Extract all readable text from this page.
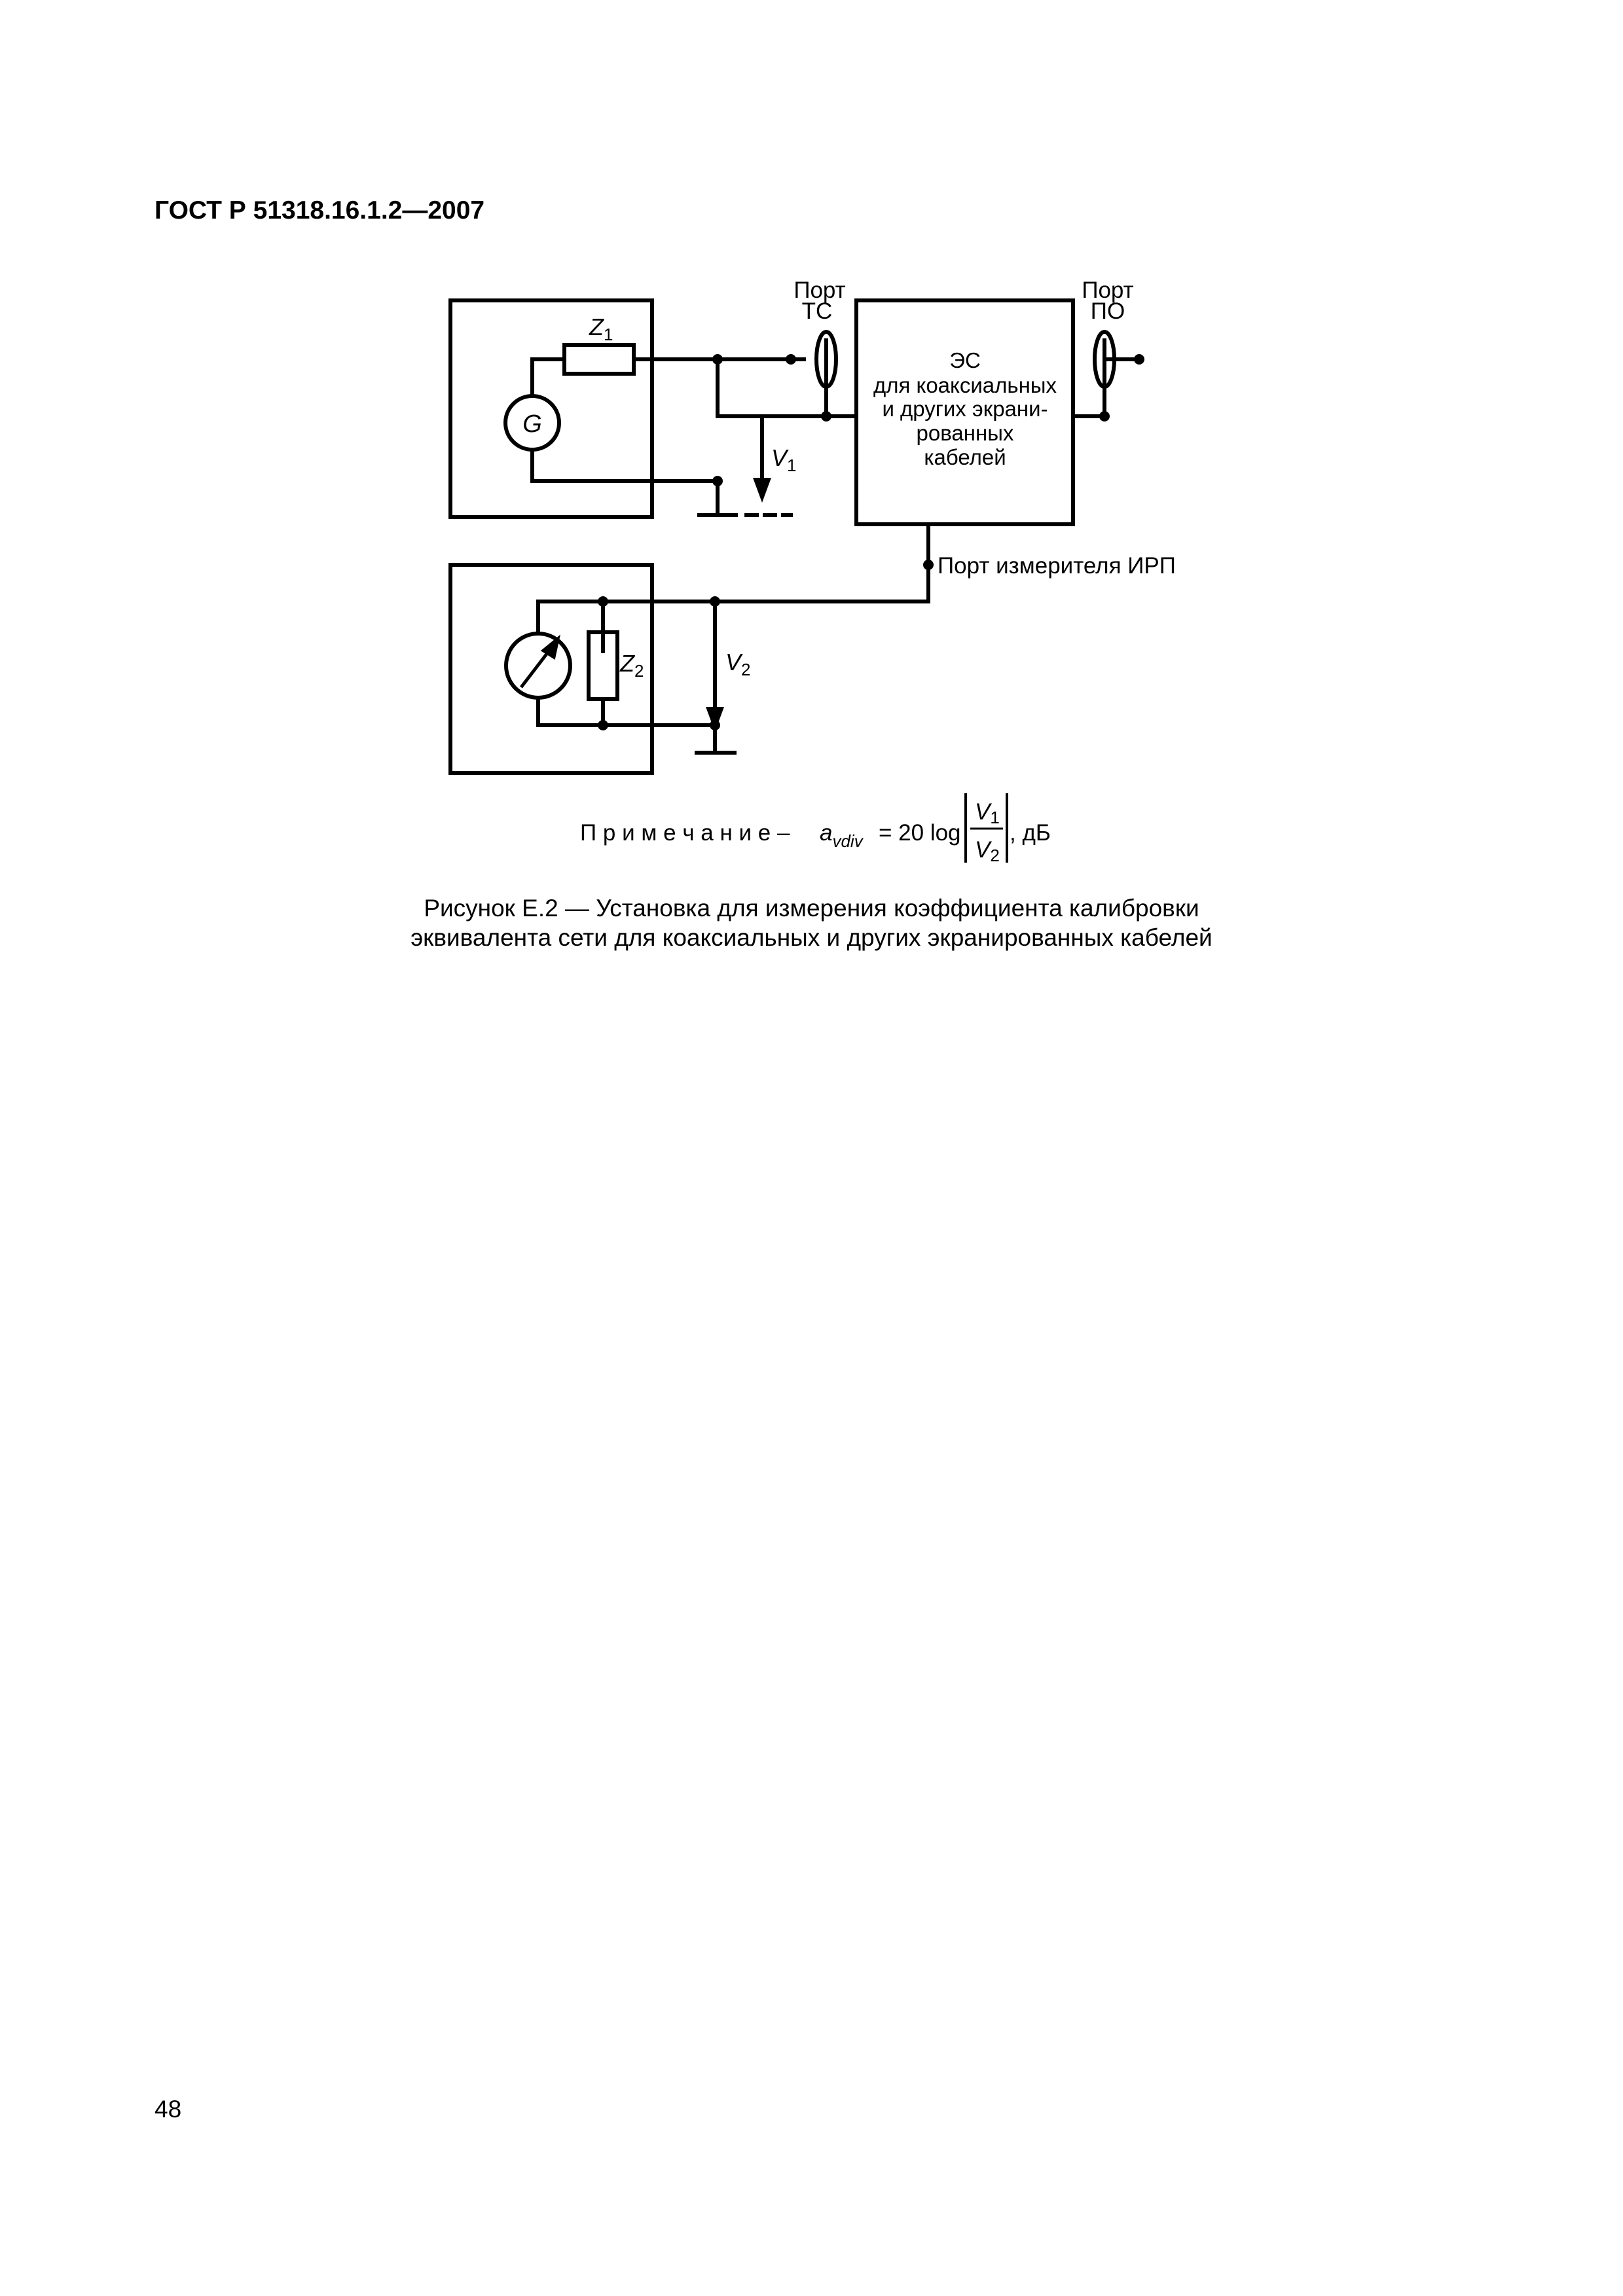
ГОСТ Р 51318.16.1.2—2007
$Z_1$
G
$V_1$
$Z_2$	$V_2$
Порт
ТС
Порт
ПО
ЭС
для коаксиальных
и других экрани-
рованных
кабелей
Порт измерителя ИРП
П р и м е ч а н и $е - a_{vdiv} = 20$ log
V1
V2
, дБ
Рисунок Е.2 — Установка для измерения коэффициента калибровки
эквивалента сети для коаксиальных и других экранированных кабелей
48
